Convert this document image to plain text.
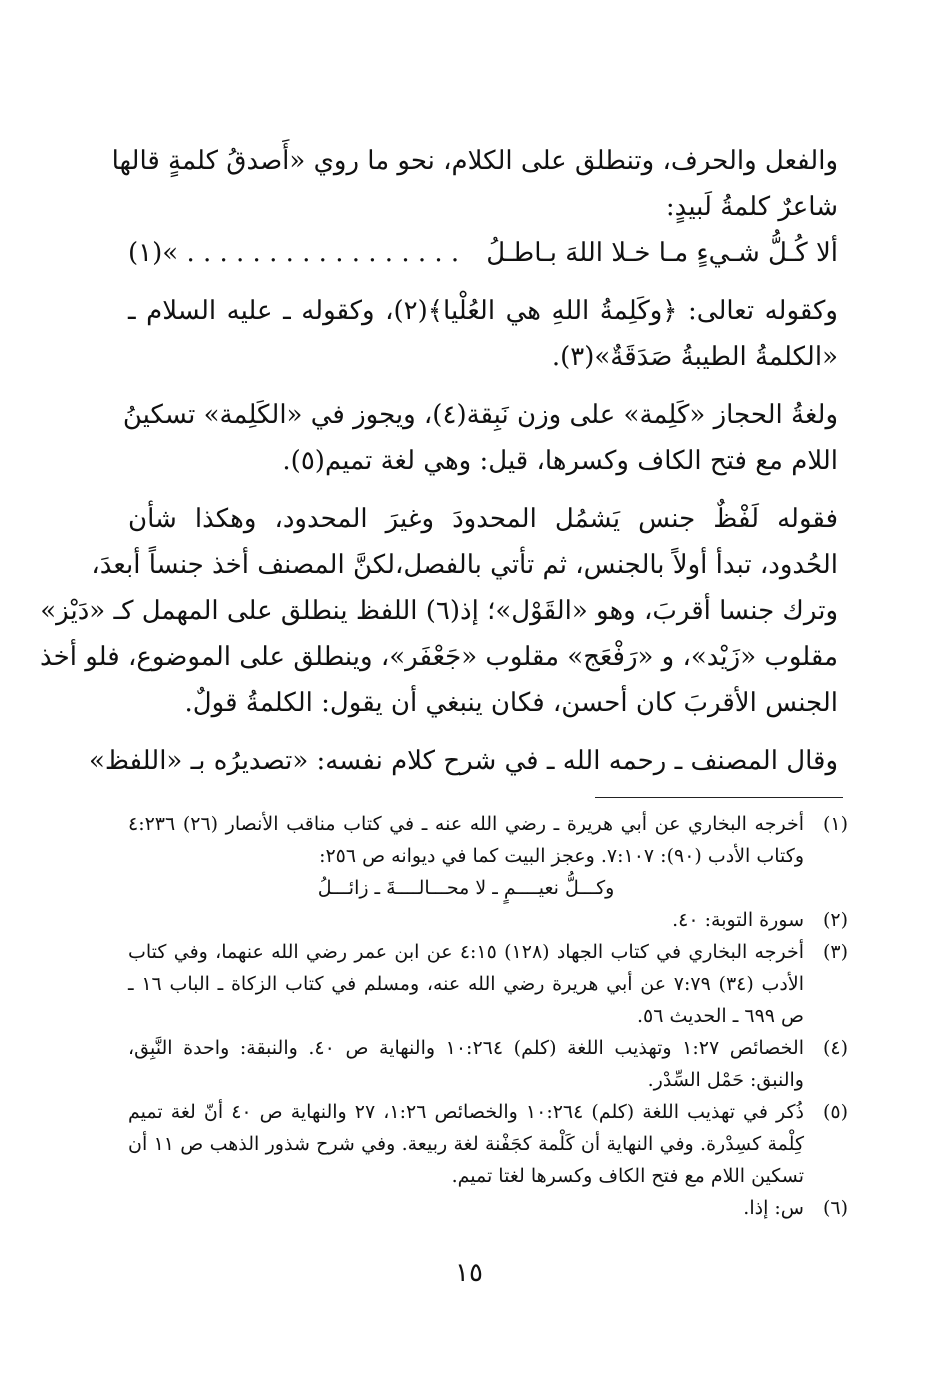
والفعل والحرف، وتنطلق على الكلام، نحو ما روي «أَصدقُ كلمةٍ قالها
شاعرٌ كلمةُ لَبيدٍ:
ألا كُـلُّ شـيءٍ مـا خـلا اللهَ بـاطـلُ
. . . . . . . . . . . . . . . . . »(١)
وكقوله تعالى: ﴿وكَلِمةُ اللهِ هي العُلْيا﴾(٢)، وكقوله ـ عليه السلام ـ
«الكلمةُ الطيبةُ صَدَقَةٌ»(٣).
ولغةُ الحجاز «كَلِمة» على وزن نَبِقة(٤)، ويجوز في «الكَلِمة» تسكينُ
اللام مع فتح الكاف وكسرها، قيل: وهي لغة تميم(٥).
فقوله لَفْظٌ جنس يَشمُل المحدودَ وغيرَ المحدود، وهكذا شأن
الحُدود، تبدأ أولاً بالجنس، ثم تأتي بالفصل،لكنَّ المصنف أخذ جنساً أبعدَ،
وترك جنسا أقربَ، وهو «القَوْل»؛ إذ(٦) اللفظ ينطلق على المهمل كـ «دَيْز»
مقلوب «زَيْد»، و «رَفْعَج» مقلوب «جَعْفَر»، وينطلق على الموضوع، فلو أخذ
الجنس الأقربَ كان أحسن، فكان ينبغي أن يقول: الكلمةُ قولٌ.
وقال المصنف ـ رحمه الله ـ في شرح كلام نفسه: «تصديرُه بـ «اللفظ»
(١)
أخرجه البخاري عن أبي هريرة ـ رضي الله عنه ـ في كتاب مناقب الأنصار (٢٦) ٤:٢٣٦
وكتاب الأدب (٩٠): ٧:١٠٧. وعجز البيت كما في ديوانه ص ٢٥٦:
وكـــلُّ نعيــــمٍ ـ لا محـــالــــةَ ـ زائـــلُ
(٢)
سورة التوبة: ٤٠.
(٣)
أخرجه البخاري في كتاب الجهاد (١٢٨) ٤:١٥ عن ابن عمر رضي الله عنهما، وفي كتاب
الأدب (٣٤) ٧:٧٩ عن أبي هريرة رضي الله عنه، ومسلم في كتاب الزكاة ـ الباب ١٦ ـ
ص ٦٩٩ ـ الحديث ٥٦.
(٤)
الخصائص ١:٢٧ وتهذيب اللغة (كلم) ١٠:٢٦٤ والنهاية ص ٤٠. والنبقة: واحدة النَّبِق،
والنبق: حَمْل السِّدْر.
(٥)
ذُكر في تهذيب اللغة (كلم) ١٠:٢٦٤ والخصائص ١:٢٦، ٢٧ والنهاية ص ٤٠ أنّ لغة تميم
كِلْمة كسِدْرة. وفي النهاية أن كَلْمة كجَفْنة لغة ربيعة. وفي شرح شذور الذهب ص ١١ أن
تسكين اللام مع فتح الكاف وكسرها لغتا تميم.
(٦)
س: إذا.
١٥
